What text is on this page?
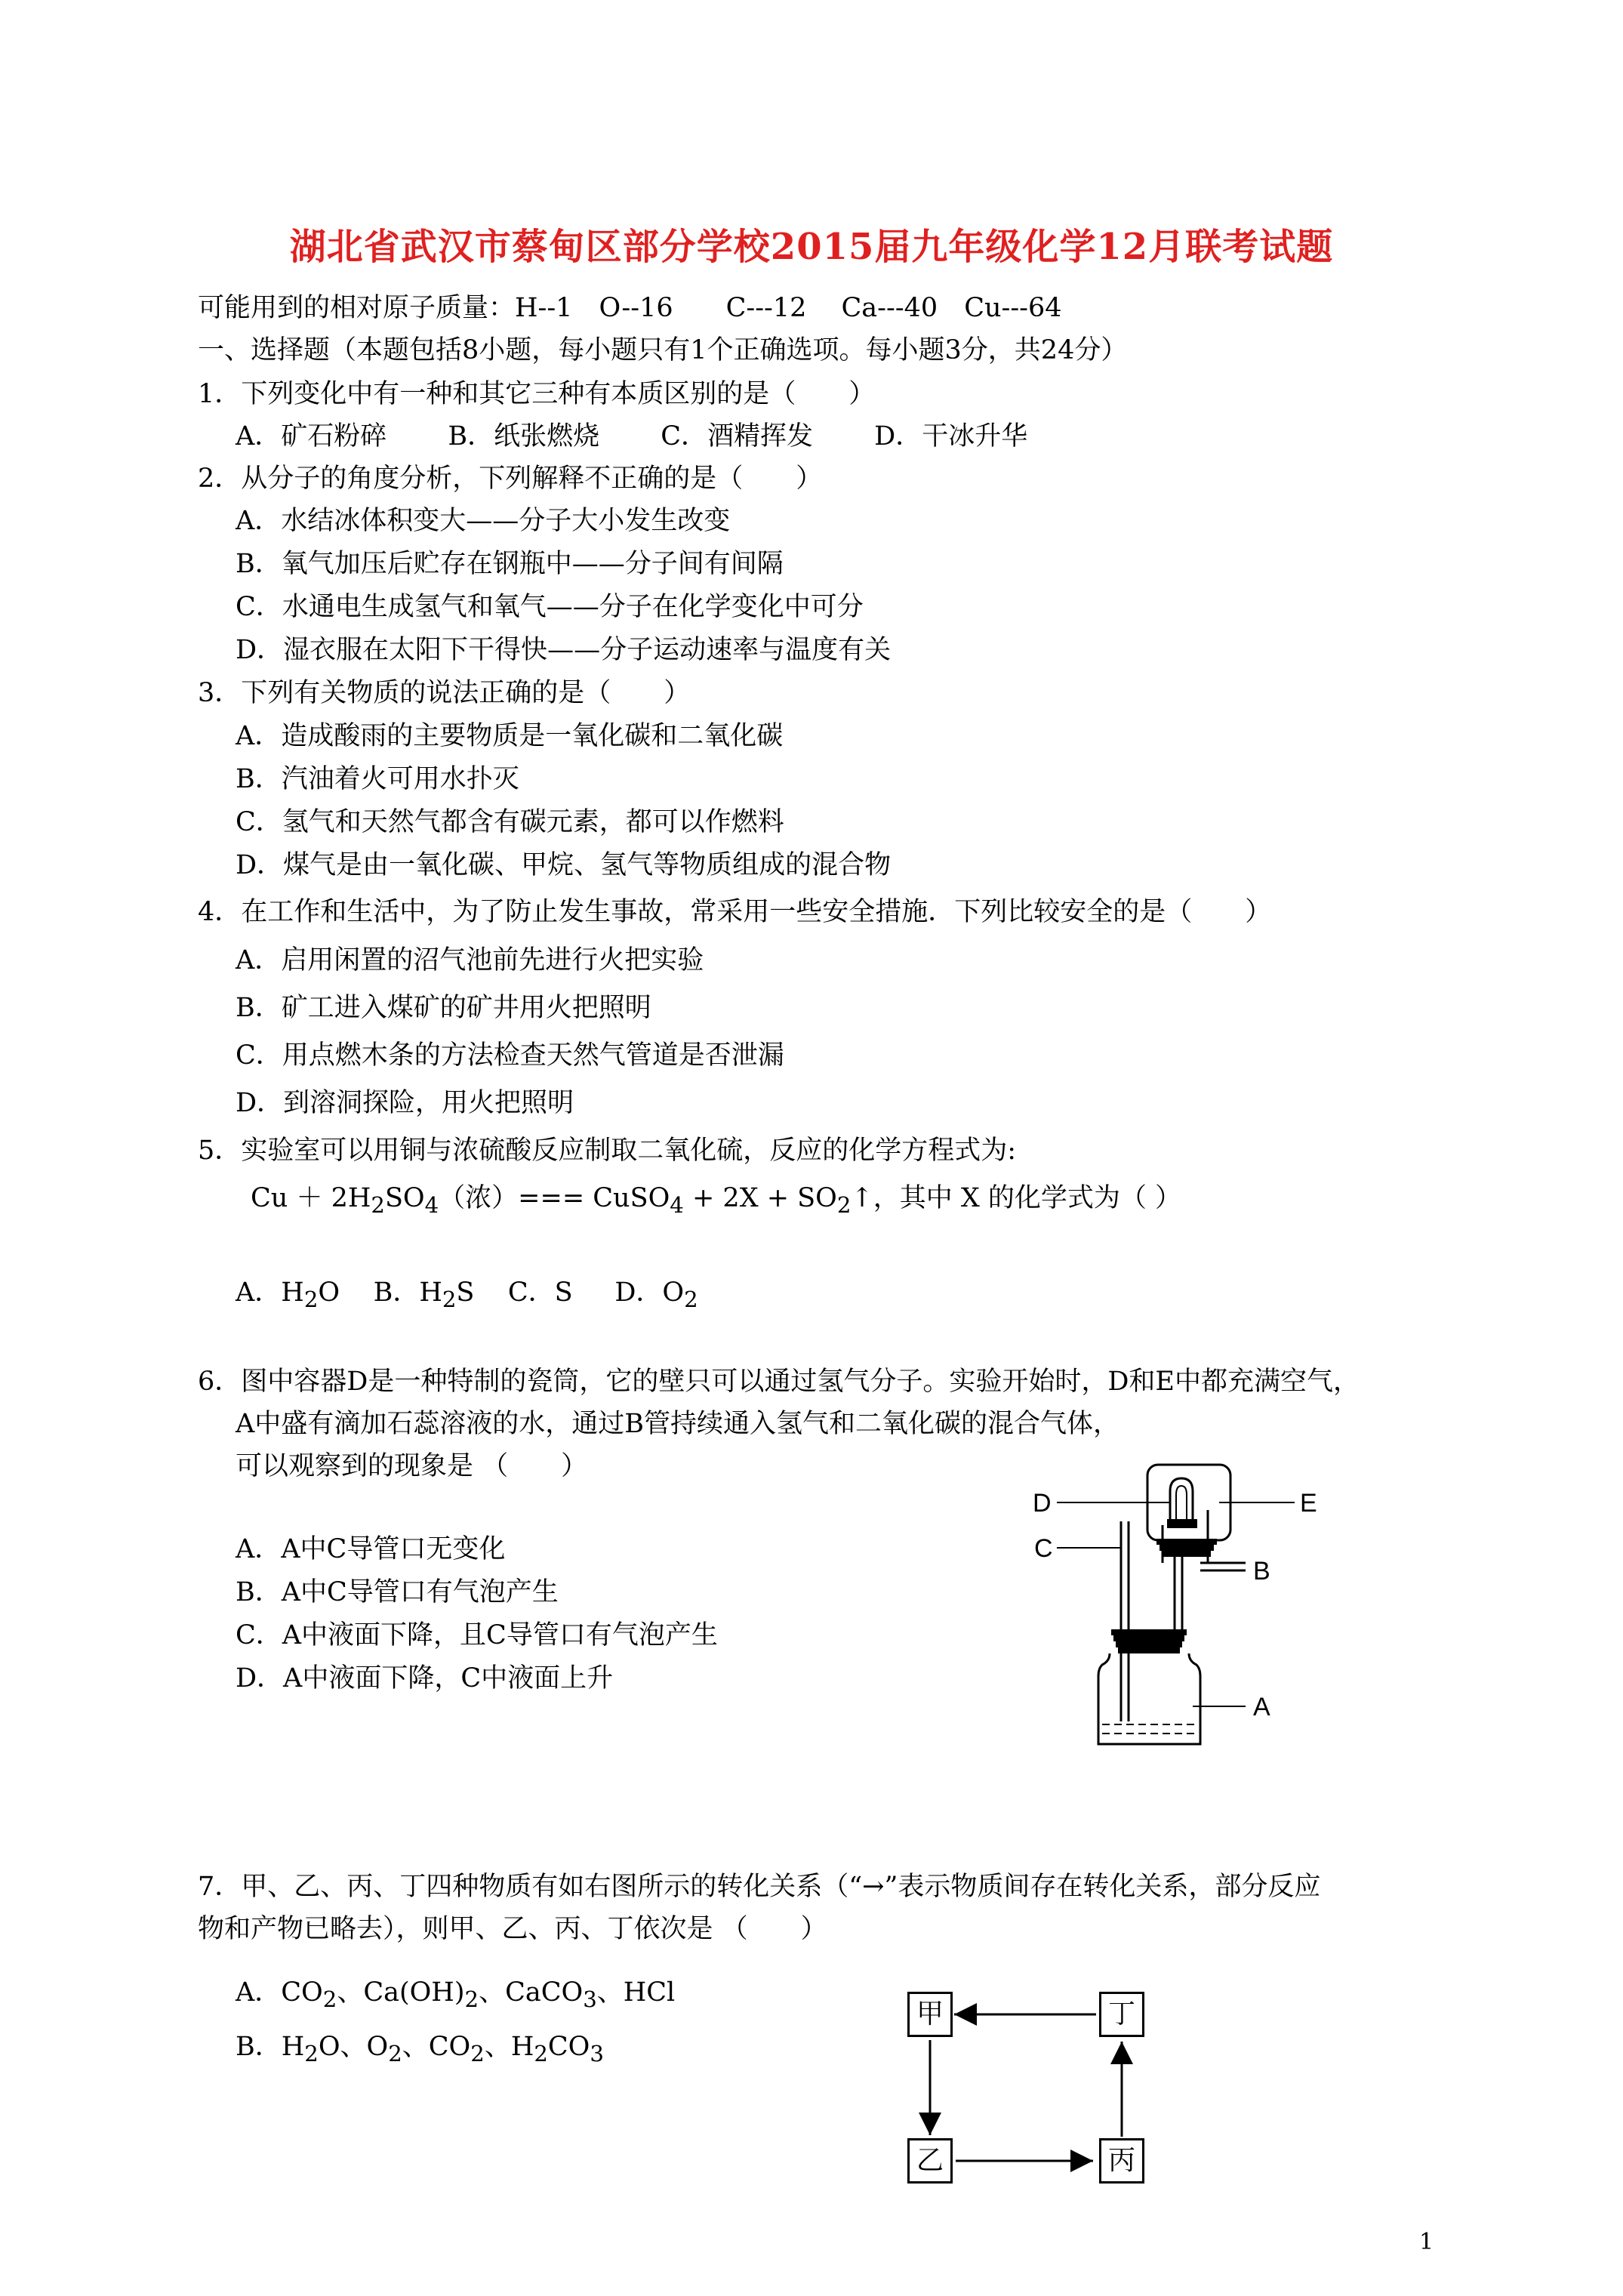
湖北省武汉市蔡甸区部分学校2015届九年级化学12月联考试题
可能用到的相对原子质量：H--1　O--16　　C---12　 Ca---40　Cu---64
一、选择题（本题包括8小题，每小题只有1个正确选项。每小题3分，共24分）
1．下列变化中有一种和其它三种有本质区别的是（　　）
A．矿石粉碎　　 B．纸张燃烧　　 C．酒精挥发　　 D．干冰升华
2．从分子的角度分析，下列解释不正确的是（　　）
A．水结冰体积变大——分子大小发生改变
B．氧气加压后贮存在钢瓶中——分子间有间隔
C．水通电生成氢气和氧气——分子在化学变化中可分
D．湿衣服在太阳下干得快——分子运动速率与温度有关
3．下列有关物质的说法正确的是（　　）
A．造成酸雨的主要物质是一氧化碳和二氧化碳
B．汽油着火可用水扑灭
C．氢气和天然气都含有碳元素，都可以作燃料
D．煤气是由一氧化碳、甲烷、氢气等物质组成的混合物
4．在工作和生活中，为了防止发生事故，常采用一些安全措施．下列比较安全的是（　　）
A．启用闲置的沼气池前先进行火把实验
B．矿工进入煤矿的矿井用火把照明
C．用点燃木条的方法检查天然气管道是否泄漏
D．到溶洞探险，用火把照明
5．实验室可以用铜与浓硫酸反应制取二氧化硫，反应的化学方程式为:
$Cu + 2H_2SO_4$（浓）=== CuSO$_4$ + $2X + SO_2↑$，其中 X 的化学式为（ ）
A．$H_2O$ B．$H_2S$ C．S D．$O_2$
6．图中容器D是一种特制的瓷筒，它的壁只可以通过氢气分子。实验开始时，D和E中都充满空气，
A中盛有滴加石蕊溶液的水，通过B管持续通入氢气和二氧化碳的混合气体，
可以观察到的现象是 （　　）
A．A中C导管口无变化
B．A中C导管口有气泡产生
C．A中液面下降，且C导管口有气泡产生
D．A中液面下降，C中液面上升
D	E
C
B
A
7．甲、乙、丙、丁四种物质有如右图所示的转化关系（“→”表示物质间存在转化关系，部分反应
物和产物已略去），则甲、乙、丙、丁依次是 （　　）
A．$CO_2$、$Ca(OH)_2$、CaCO$_3$、HCl
B．$H_2O$、$O_2$、$CO_2$、$H_2CO_3$
甲	丁
乙	丙
1
